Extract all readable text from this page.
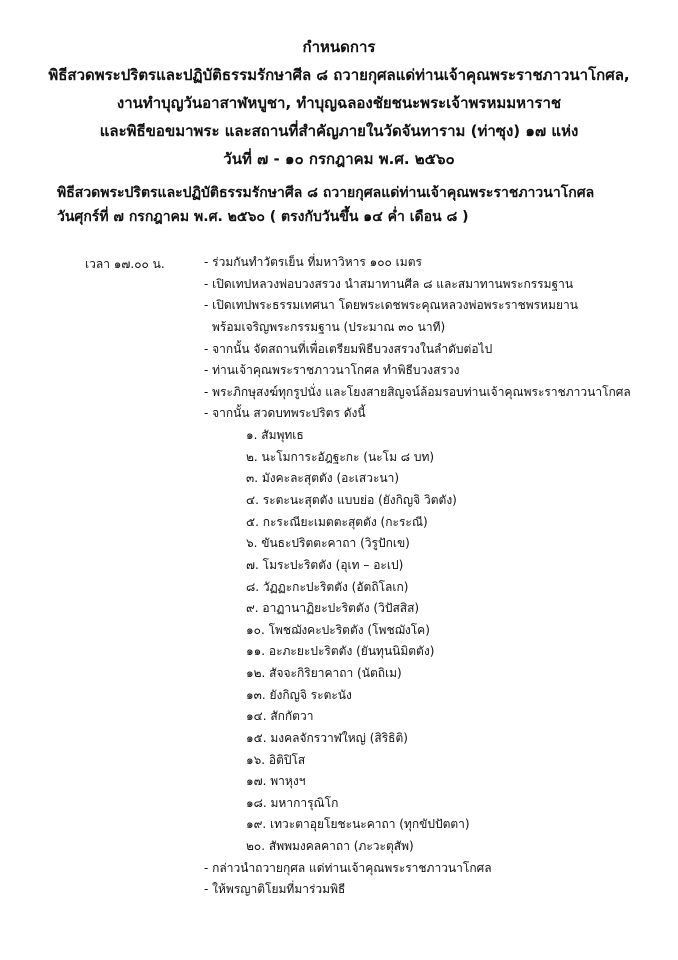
กำหนดการ
พิธีสวดพระปริตรและปฏิบัติธรรมรักษาศีล ๘ ถวายกุศลแด่ท่านเจ้าคุณพระราชภาวนาโกศล,
งานทำบุญวันอาสาฬหบูชา, ทำบุญฉลองชัยชนะพระเจ้าพรหมมหาราช
และพิธีขอขมาพระ และสถานที่สำคัญภายในวัดจันทาราม (ท่าซุง) ๑๗ แห่ง
วันที่ ๗ - ๑๐ กรกฎาคม พ.ศ. ๒๕๖๐
พิธีสวดพระปริตรและปฏิบัติธรรมรักษาศีล ๘ ถวายกุศลแด่ท่านเจ้าคุณพระราชภาวนาโกศล
วันศุกร์ที่ ๗ กรกฎาคม พ.ศ. ๒๕๖๐ ( ตรงกับวันขึ้น ๑๔ ค่ำ เดือน ๘ )
เวลา ๑๗.๐๐ น.	- ร่วมกันทำวัตรเย็น ที่มหาวิหาร ๑๐๐ เมตร
- เปิดเทปหลวงพ่อบวงสรวง นำสมาทานศีล ๘ และสมาทานพระกรรมฐาน
- เปิดเทปพระธรรมเทศนา โดยพระเดชพระคุณหลวงพ่อพระราชพรหมยาน
พร้อมเจริญพระกรรมฐาน (ประมาณ ๓๐ นาที)
- จากนั้น จัดสถานที่เพื่อเตรียมพิธีบวงสรวงในลำดับต่อไป
- ท่านเจ้าคุณพระราชภาวนาโกศล ทำพิธีบวงสรวง
- พระภิกษุสงฆ์ทุกรูปนั่ง และโยงสายสิญจน์ล้อมรอบท่านเจ้าคุณพระราชภาวนาโกศล
- จากนั้น สวดบทพระปริตร ดังนี้
๑. สัมพุทเธ
๒. นะโมการะอัฎฐะกะ (นะโม ๘ บท)
๓. มังคะละสุตตัง (อะเสวะนา)
๔. ระตะนะสุตตัง แบบย่อ (ยังกิญจิ วิตตัง)
๕. กะระณียะเมตตะสุตตัง (กะระณี)
๖. ขันธะปริตตะคาถา (วิรูปักเข)
๗. โมระปะริตตัง (อุเท – อะเป)
๘. วัฏฏะกะปะริตตัง (อัตถิโลเก)
๙. อาฏานาฏิยะปะริตตัง (วิปัสสิส)
๑๐. โพชฌังคะปะริตตัง (โพชฌังโค)
๑๑. อะภะยะปะริตตัง (ยันทุนนิมิตตัง)
๑๒. สัจจะกิริยาคาถา (นัตถิเม)
๑๓. ยังกิญจิ ระตะนัง
๑๔. สักกัตวา
๑๕. มงคลจักรวาฬใหญ่ (สิริธิติ)
๑๖. อิติปิโส
๑๗. พาหุงฯ
๑๘. มหาการุณิโก
๑๙. เทวะตาอุยโยชะนะคาถา (ทุกขัปปัตตา)
๒๐. สัพพมงคลคาถา (ภะวะตุสัพ)
- กล่าวนำถวายกุศล แด่ท่านเจ้าคุณพระราชภาวนาโกศล
- ให้พรญาติโยมที่มาร่วมพิธี
